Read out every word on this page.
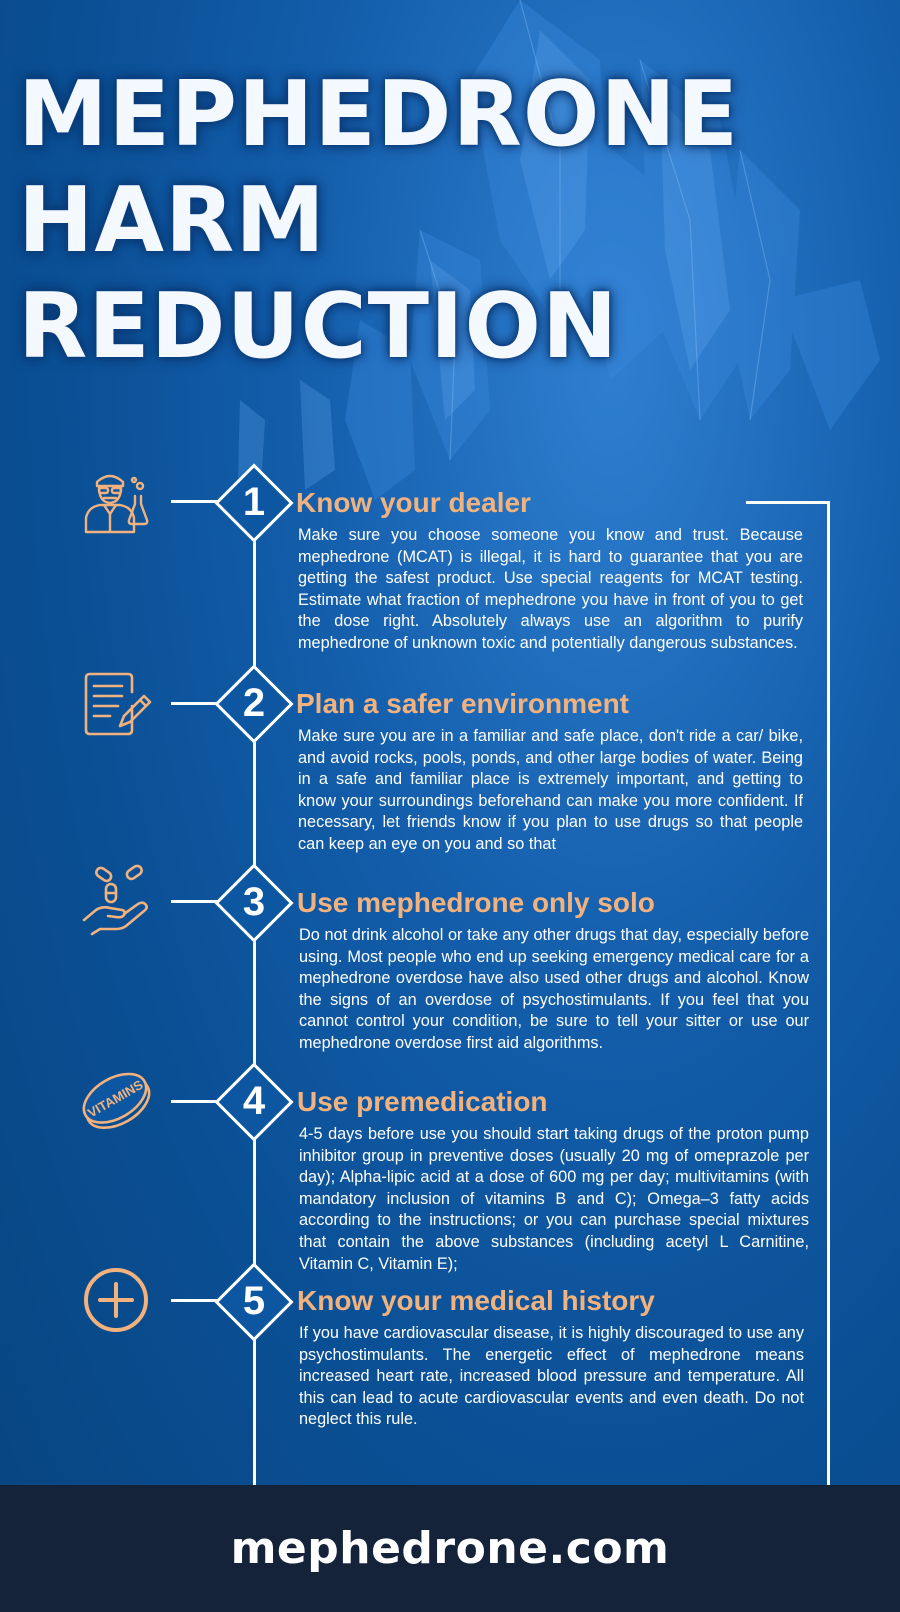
MEPHEDRONE
HARM
REDUCTION
1	Know your dealer

Make sure you choose someone you know and trust. Because mephedrone (MCAT) is illegal, it is hard to guarantee that you are getting the safest product. Use special reagents for MCAT testing. Estimate what fraction of mephedrone you have in front of you to get the dose right. Absolutely always use an algorithm to purify mephedrone of unknown toxic and potentially dangerous substances.

2	Plan a safer environment

Make sure you are in a familiar and safe place, don't ride a car/ bike, and avoid rocks, pools, ponds, and other large bodies of water. Being in a safe and familiar place is extremely important, and getting to know your surroundings beforehand can make you more confident. If necessary, let friends know if you plan to use drugs so that people can keep an eye on you and so that

3	Use mephedrone only solo

Do not drink alcohol or take any other drugs that day, especially before using. Most people who end up seeking emergency medical care for a mephedrone overdose have also used other drugs and alcohol. Know the signs of an overdose of psychostimulants. If you feel that you cannot control your condition, be sure to tell your sitter or use our mephedrone overdose first aid algorithms.

VITAMINS	4	Use premedication

4-5 days before use you should start taking drugs of the proton pump inhibitor group in preventive doses (usually 20 mg of omeprazole per day); Alpha-lipic acid at a dose of 600 mg per day; multivitamins (with mandatory inclusion of vitamins B and C); Omega–3 fatty acids according to the instructions; or you can purchase special mixtures that contain the above substances (including acetyl L Carnitine, Vitamin C, Vitamin E);

5	Know your medical history

If you have cardiovascular disease, it is highly discouraged to use any psychostimulants. The energetic effect of mephedrone means increased heart rate, increased blood pressure and temperature. All this can lead to acute cardiovascular events and even death. Do not neglect this rule.

mephedrone.com
